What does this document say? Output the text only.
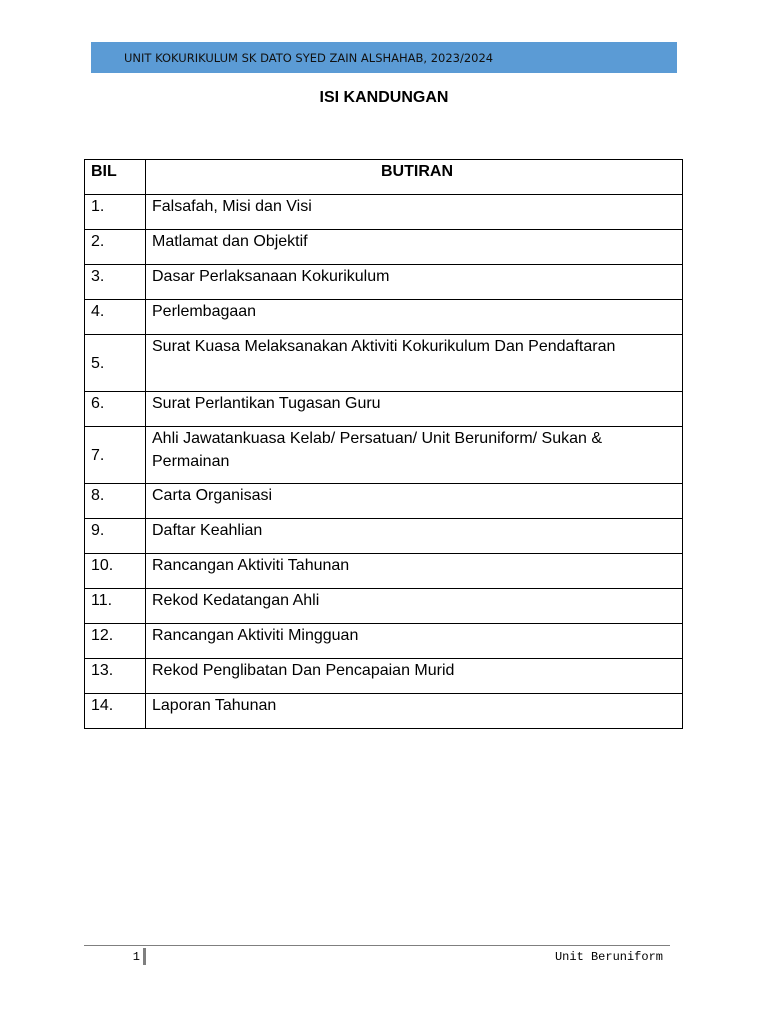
UNIT KOKURIKULUM SK DATO SYED ZAIN ALSHAHAB, 2023/2024
ISI KANDUNGAN
BIL	BUTIRAN
1.	Falsafah, Misi dan Visi
2.	Matlamat dan Objektif
3.	Dasar Perlaksanaan Kokurikulum
4.	Perlembagaan
5.	Surat Kuasa Melaksanakan Aktiviti Kokurikulum Dan Pendaftaran
6.	Surat Perlantikan Tugasan Guru
7.	Ahli Jawatankuasa Kelab/ Persatuan/ Unit Beruniform/ Sukan & Permainan
8.	Carta Organisasi
9.	Daftar Keahlian
10.	Rancangan Aktiviti Tahunan
11.	Rekod Kedatangan Ahli
12.	Rancangan Aktiviti Mingguan
13.	Rekod Penglibatan Dan Pencapaian Murid
14.	Laporan Tahunan
1	Unit Beruniform
